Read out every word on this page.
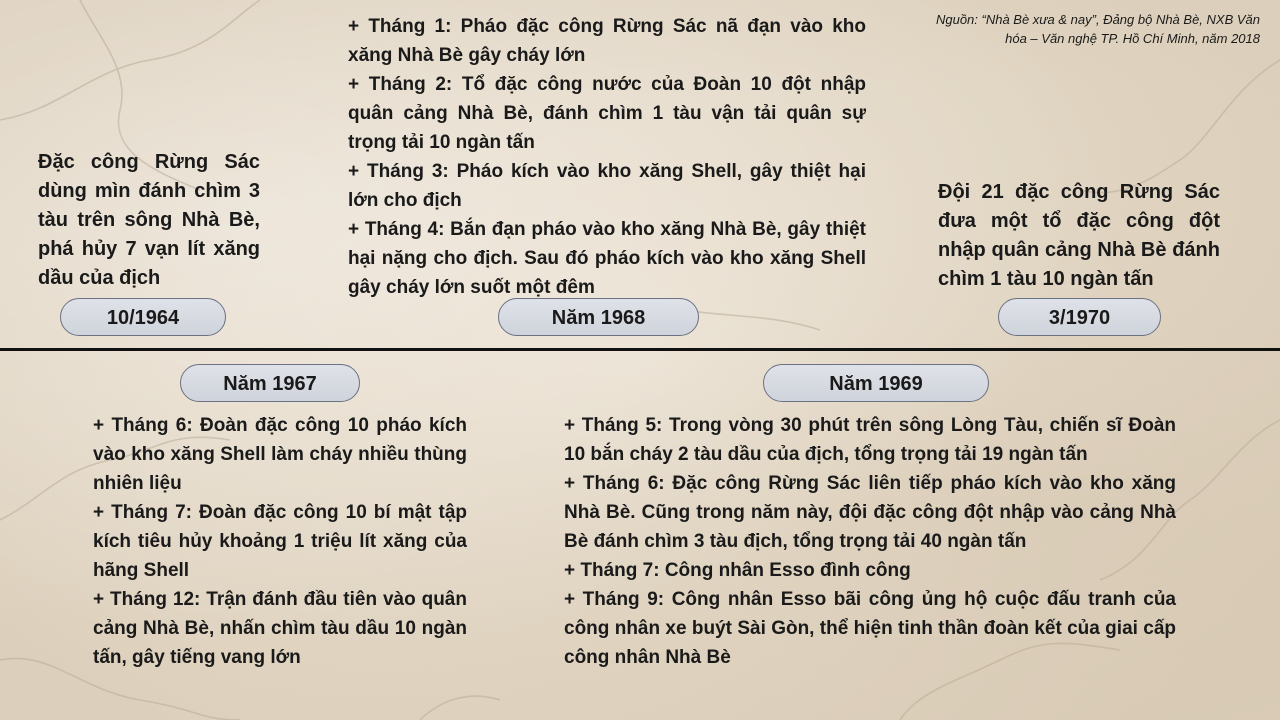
Nguồn: “Nhà Bè xưa & nay”, Đảng bộ Nhà Bè, NXB Văn hóa – Văn nghệ TP. Hồ Chí Minh, năm 2018
Đặc công Rừng Sác dùng mìn đánh chìm 3 tàu trên sông Nhà Bè, phá hủy 7 vạn lít xăng dầu của địch

+ Tháng 1: Pháo đặc công Rừng Sác nã đạn vào kho xăng Nhà Bè gây cháy lớn

+ Tháng 2: Tổ đặc công nước của Đoàn 10 đột nhập quân cảng Nhà Bè, đánh chìm 1 tàu vận tải quân sự trọng tải 10 ngàn tấn

+ Tháng 3: Pháo kích vào kho xăng Shell, gây thiệt hại lớn cho địch

+ Tháng 4: Bắn đạn pháo vào kho xăng Nhà Bè, gây thiệt hại nặng cho địch. Sau đó pháo kích vào kho xăng Shell gây cháy lớn suốt một đêm

Đội 21 đặc công Rừng Sác đưa một tổ đặc công đột nhập quân cảng Nhà Bè đánh chìm 1 tàu 10 ngàn tấn
10/1964	Năm 1968	3/1970
Năm 1967	Năm 1969

+ Tháng 6: Đoàn đặc công 10 pháo kích vào kho xăng Shell làm cháy nhiều thùng nhiên liệu

+ Tháng 7: Đoàn đặc công 10 bí mật tập kích tiêu hủy khoảng 1 triệu lít xăng của hãng Shell

+ Tháng 12: Trận đánh đầu tiên vào quân cảng Nhà Bè, nhấn chìm tàu dầu 10 ngàn tấn, gây tiếng vang lớn

+ Tháng 5: Trong vòng 30 phút trên sông Lòng Tàu, chiến sĩ Đoàn 10 bắn cháy 2 tàu dầu của địch, tổng trọng tải 19 ngàn tấn

+ Tháng 6: Đặc công Rừng Sác liên tiếp pháo kích vào kho xăng Nhà Bè. Cũng trong năm này, đội đặc công đột nhập vào cảng Nhà Bè đánh chìm 3 tàu địch, tổng trọng tải 40 ngàn tấn

+ Tháng 7: Công nhân Esso đình công

+ Tháng 9: Công nhân Esso bãi công ủng hộ cuộc đấu tranh của công nhân xe buýt Sài Gòn, thể hiện tinh thần đoàn kết của giai cấp công nhân Nhà Bè
